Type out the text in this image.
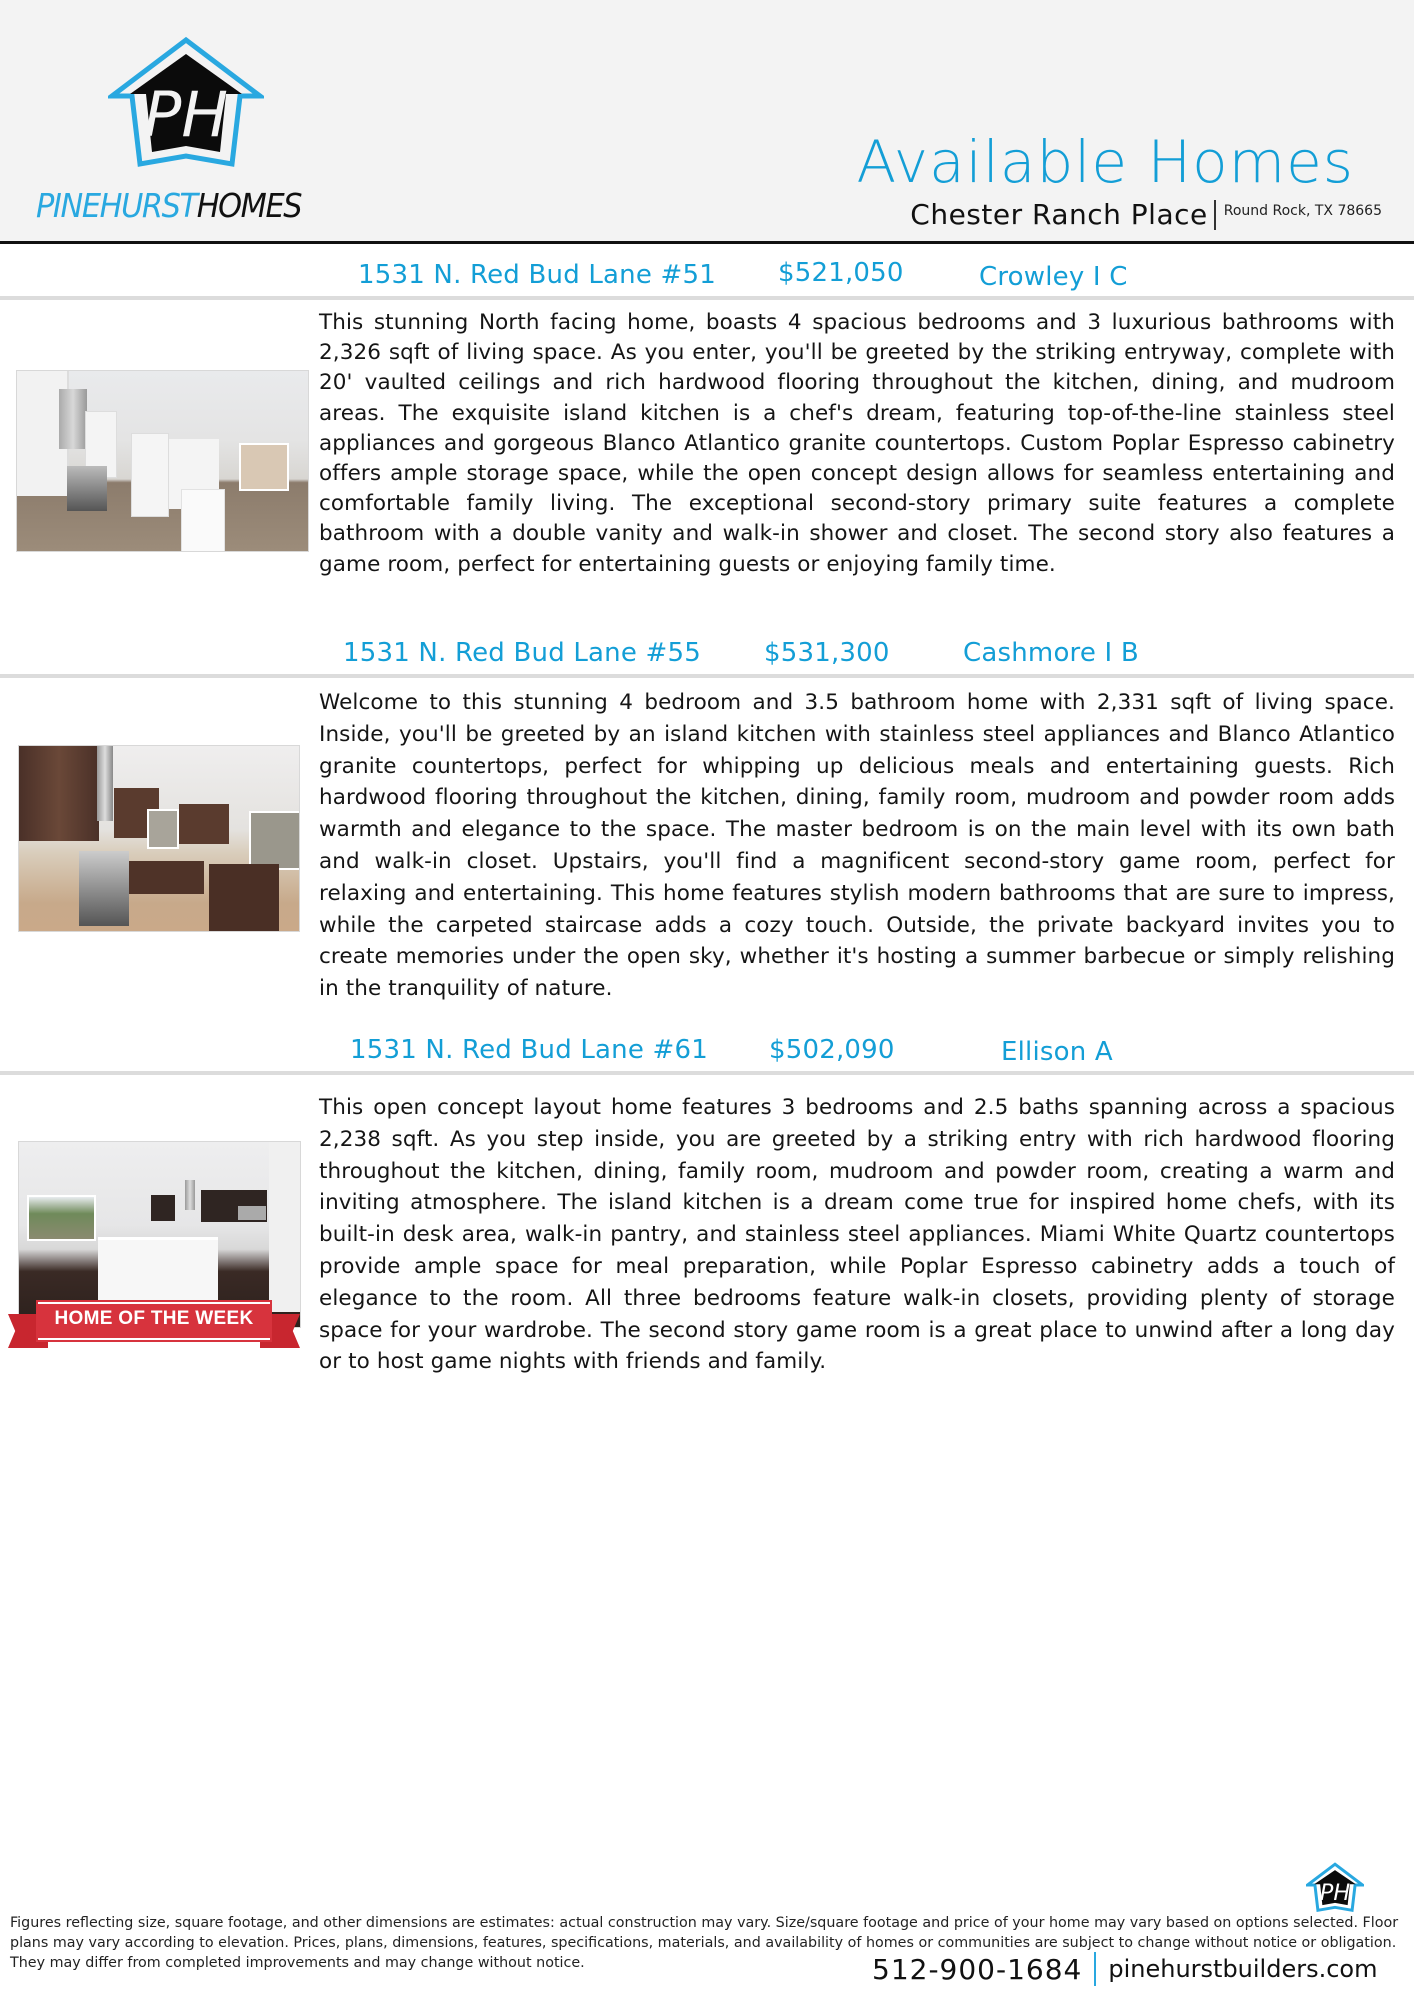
PH
PINEHURSTHOMES
Available Homes
Chester Ranch Place Round Rock, TX 78665
1531 N. Red Bud Lane #51 $521,050	Crowley I C
This stunning North facing home, boasts 4 spacious bedrooms and 3 luxurious bathrooms with 2,326 sqft of living space. As you enter, you'll be greeted by the striking entryway, complete with 20' vaulted ceilings and rich hardwood flooring throughout the kitchen, dining, and mudroom areas. The exquisite island kitchen is a chef's dream, featuring top-of-the-line stainless steel appliances and gorgeous Blanco Atlantico granite countertops. Custom Poplar Espresso cabinetry offers ample storage space, while the open concept design allows for seamless entertaining and comfortable family living. The exceptional second-story primary suite features a complete bathroom with a double vanity and walk-in shower and closet. The second story also features a game room, perfect for entertaining guests or enjoying family time.
1531 N. Red Bud Lane #55 $531,300	Cashmore I B
Welcome to this stunning 4 bedroom and 3.5 bathroom home with 2,331 sqft of living space. Inside, you'll be greeted by an island kitchen with stainless steel appliances and Blanco Atlantico granite countertops, perfect for whipping up delicious meals and entertaining guests. Rich hardwood flooring throughout the kitchen, dining, family room, mudroom and powder room adds warmth and elegance to the space. The master bedroom is on the main level with its own bath and walk-in closet. Upstairs, you'll find a magnificent second-story game room, perfect for relaxing and entertaining. This home features stylish modern bathrooms that are sure to impress, while the carpeted staircase adds a cozy touch. Outside, the private backyard invites you to create memories under the open sky, whether it's hosting a summer barbecue or simply relishing in the tranquility of nature.
1531 N. Red Bud Lane #61 $502,090	Ellison A
HOME OF THE WEEK
This open concept layout home features 3 bedrooms and 2.5 baths spanning across a spacious 2,238 sqft. As you step inside, you are greeted by a striking entry with rich hardwood flooring throughout the kitchen, dining, family room, mudroom and powder room, creating a warm and inviting atmosphere. The island kitchen is a dream come true for inspired home chefs, with its built-in desk area, walk-in pantry, and stainless steel appliances. Miami White Quartz countertops provide ample space for meal preparation, while Poplar Espresso cabinetry adds a touch of elegance to the room. All three bedrooms feature walk-in closets, providing plenty of storage space for your wardrobe. The second story game room is a great place to unwind after a long day or to host game nights with friends and family.
PH
Figures reflecting size, square footage, and other dimensions are estimates: actual construction may vary. Size/square footage and price of your home may vary based on options selected. Floor plans may vary according to elevation. Prices, plans, dimensions, features, specifications, materials, and availability of homes or communities are subject to change without notice or obligation. They may differ from completed improvements and may change without notice.	512-900-1684 pinehurstbuilders.com
